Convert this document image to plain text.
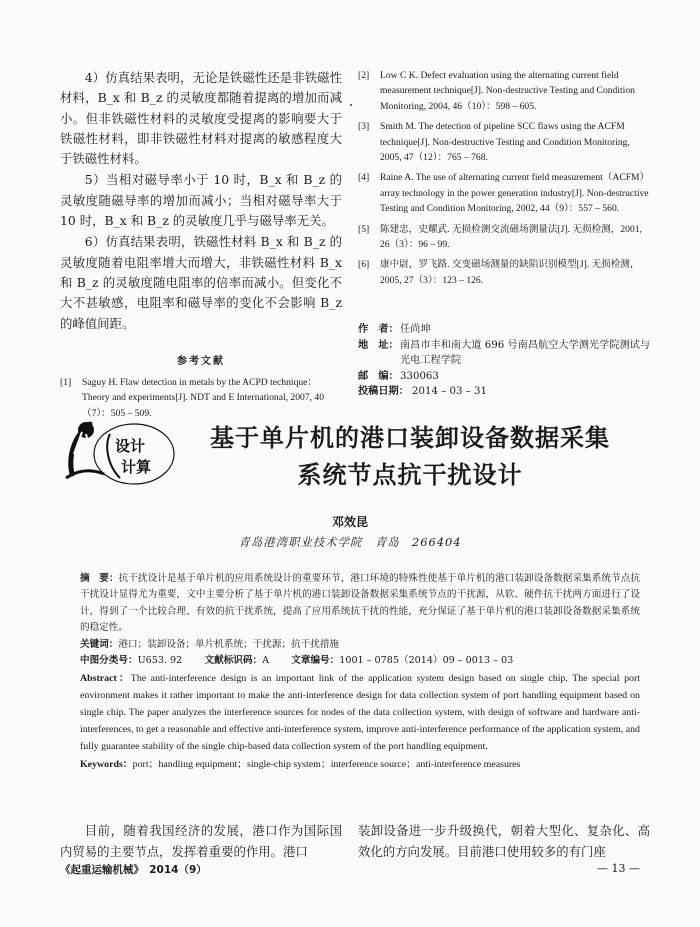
4）仿真结果表明，无论是铁磁性还是非铁磁性材料，B_x 和 B_z 的灵敏度都随着提离的增加而减小。但非铁磁性材料的灵敏度受提离的影响要大于铁磁性材料，即非铁磁性材料对提离的敏感程度大于铁磁性材料。

5）当相对磁导率小于 10 时，B_x 和 B_z 的灵敏度随磁导率的增加而减小；当相对磁导率大于 10 时，B_x 和 B_z 的灵敏度几乎与磁导率无关。

6）仿真结果表明，铁磁性材料 B_x 和 B_z 的灵敏度随着电阻率增大而增大，非铁磁性材料 B_x 和 B_z 的灵敏度随电阻率的倍率而减小。但变化不大不甚敏感，电阻率和磁导率的变化不会影响 B_z 的峰值间距。

参考文献
[1] Saguy H. Flaw detection in metals by the ACPD technique：Theory and experiments[J]. NDT and E International, 2007, 40（7）：505 – 509.
[2] Low C K. Defect evaluation using the alternating current field measurement technique[J]. Non-destructive Testing and Condition Monitoring, 2004, 46（10）：598 – 605.
[3] Smith M. The detection of pipeline SCC flaws using the ACFM technique[J]. Non-destructive Testing and Condition Monitoring, 2005, 47（12）：765 – 768.
[4] Raine A. The use of alternating current field measurement（ACFM）array technology in the power generation industry[J]. Non-destructive Testing and Condition Monitoring, 2002, 44（9）：557 – 560.
[5] 陈建忠，史耀武. 无损检测交流磁场测量法[J]. 无损检测，2001, 26（3）：96 – 99.
[6] 康中尉，罗飞路. 交变磁场测量的缺陷识别模型[J]. 无损检测，2005, 27（3）：123 – 126.
作　者： 任尚坤
地　址： 南昌市丰和南大道 696 号南昌航空大学测光学院测试与光电工程学院
邮　编： 330063
投稿日期： 2014 – 03 – 31
设计
计算
基于单片机的港口装卸设备数据采集
系统节点抗干扰设计
邓效昆
青岛港湾职业技术学院　青岛　266404

摘　要：抗干扰设计是基于单片机的应用系统设计的重要环节，港口环境的特殊性使基于单片机的港口装卸设备数据采集系统节点抗干扰设计显得尤为重要，文中主要分析了基于单片机的港口装卸设备数据采集系统节点的干扰源，从软、硬件抗干扰两方面进行了设计，得到了一个比较合理、有效的抗干扰系统，提高了应用系统抗干扰的性能，充分保证了基于单片机的港口装卸设备数据采集系统的稳定性。

关键词：港口；装卸设备；单片机系统；干扰源；抗干扰措施

中图分类号：U653. 92　　 文献标识码：A　　 文章编号：1001 – 0785（2014）09 – 0013 – 03

Abstract：The anti-interference design is an important link of the application system design based on single chip. The special port environment makes it rather important to make the anti-interference design for data collection system of port handling equipment based on single chip. The paper analyzes the interference sources for nodes of the data collection system, with design of software and hardware anti-interferences, to get a reasonable and effective anti-interference system, improve anti-interference performance of the application system, and fully guarantee stability of the single chip-based data collection system of the port handling equipment.

Keywords：port；handling equipment；single-chip system；interference source；anti-interference measures

目前，随着我国经济的发展，港口作为国际国内贸易的主要节点，发挥着重要的作用。港口

装卸设备进一步升级换代，朝着大型化、复杂化、高效化的方向发展。目前港口使用较多的有门座

《起重运输机械》　2014（9）	— 13 —
